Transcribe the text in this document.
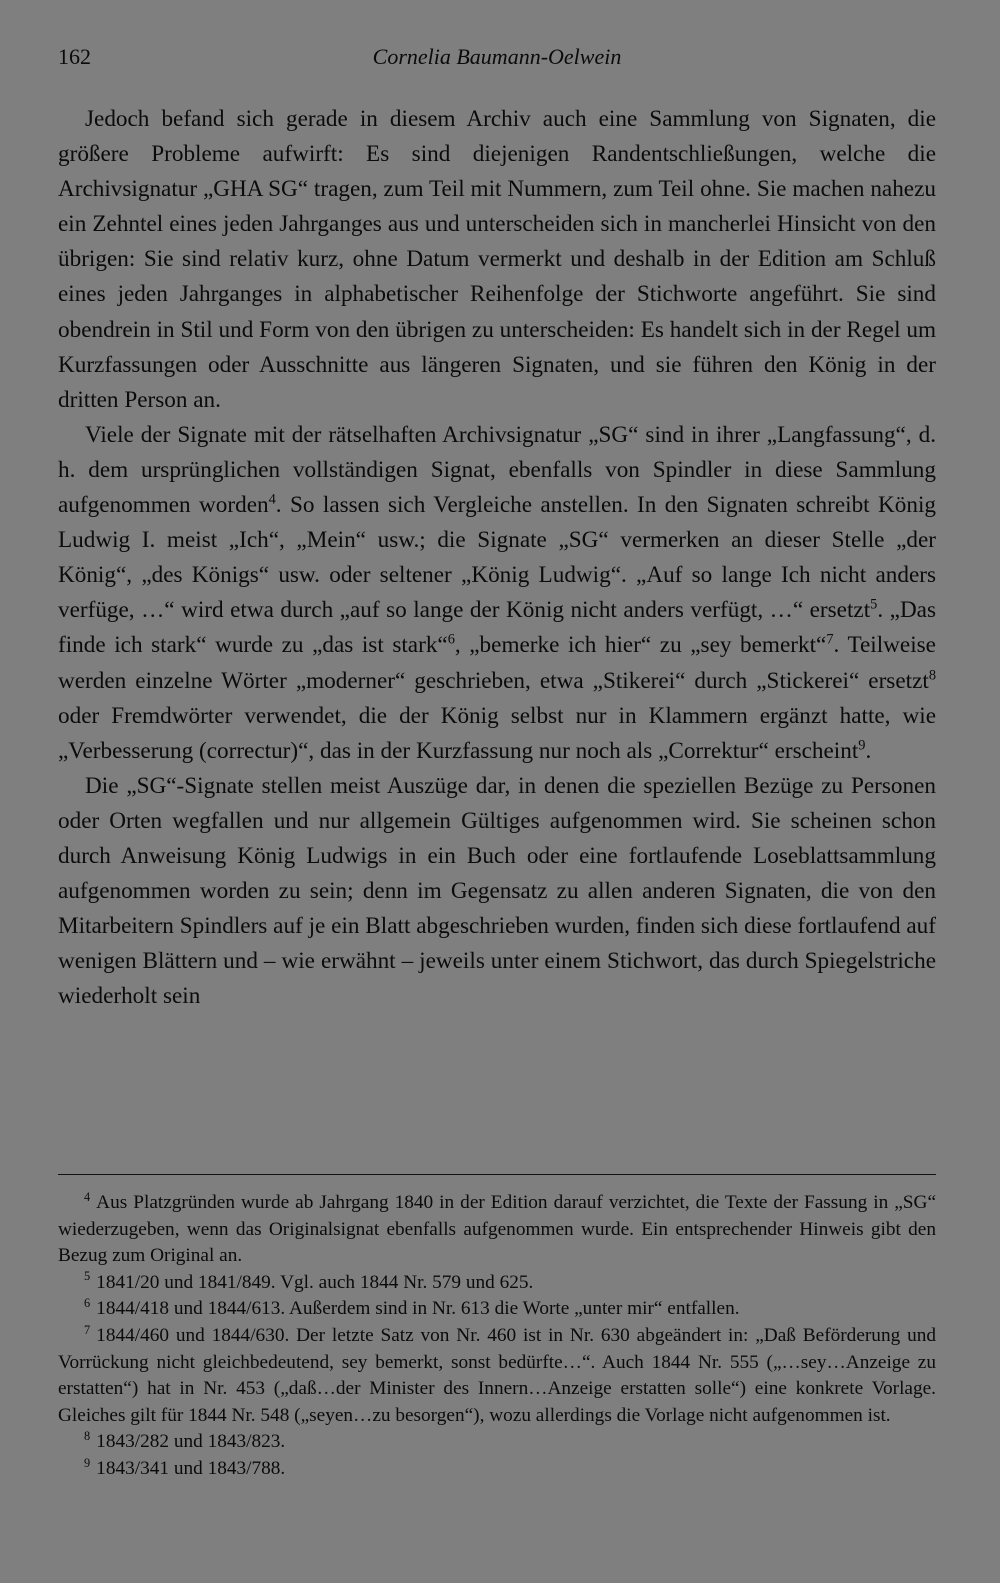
162	Cornelia Baumann-Oelwein

Jedoch befand sich gerade in diesem Archiv auch eine Sammlung von Signaten, die größere Probleme aufwirft: Es sind diejenigen Randentschließungen, welche die Archivsignatur „GHA SG“ tragen, zum Teil mit Nummern, zum Teil ohne. Sie machen nahezu ein Zehntel eines jeden Jahrganges aus und unterscheiden sich in mancherlei Hinsicht von den übrigen: Sie sind relativ kurz, ohne Datum vermerkt und deshalb in der Edition am Schluß eines jeden Jahrganges in alphabetischer Reihenfolge der Stichworte angeführt. Sie sind obendrein in Stil und Form von den übrigen zu unterscheiden: Es handelt sich in der Regel um Kurzfassungen oder Ausschnitte aus längeren Signaten, und sie führen den König in der dritten Person an.

Viele der Signate mit der rätselhaften Archivsignatur „SG“ sind in ihrer „Langfassung“, d. h. dem ursprünglichen vollständigen Signat, ebenfalls von Spindler in diese Sammlung aufgenommen worden$^4$. So lassen sich Vergleiche anstellen. In den Signaten schreibt König Ludwig I. meist „Ich“, „Mein“ usw.; die Signate „SG“ vermerken an dieser Stelle „der König“, „des Königs“ usw. oder seltener „König Ludwig“. „Auf so lange Ich nicht anders verfüge, …“ wird etwa durch „auf so lange der König nicht anders verfügt, …“ ersetzt$^5$. „Das finde ich stark“ wurde zu „das ist stark“$^6$, „bemerke ich hier“ zu „sey bemerkt“$^7$. Teilweise werden einzelne Wörter „moderner“ geschrieben, etwa „Stikerei“ durch „Stickerei“ ersetzt$^8$ oder Fremdwörter verwendet, die der König selbst nur in Klammern ergänzt hatte, wie „Verbesserung (correctur)“, das in der Kurzfassung nur noch als „Correktur“ erscheint$^9$.

Die „SG“-Signate stellen meist Auszüge dar, in denen die speziellen Bezüge zu Personen oder Orten wegfallen und nur allgemein Gültiges aufgenommen wird. Sie scheinen schon durch Anweisung König Ludwigs in ein Buch oder eine fortlaufende Loseblattsammlung aufgenommen worden zu sein; denn im Gegensatz zu allen anderen Signaten, die von den Mitarbeitern Spindlers auf je ein Blatt abgeschrieben wurden, finden sich diese fortlaufend auf wenigen Blättern und – wie erwähnt – jeweils unter einem Stichwort, das durch Spiegelstriche wiederholt sein

$^4$ Aus Platzgründen wurde ab Jahrgang 1840 in der Edition darauf verzichtet, die Texte der Fassung in „SG“ wiederzugeben, wenn das Originalsignat ebenfalls aufgenommen wurde. Ein entsprechender Hinweis gibt den Bezug zum Original an.

$^5$ 1841/20 und 1841/849. Vgl. auch 1844 Nr. 579 und 625.

$^6$ 1844/418 und 1844/613. Außerdem sind in Nr. 613 die Worte „unter mir“ entfallen.

$^7$ 1844/460 und 1844/630. Der letzte Satz von Nr. 460 ist in Nr. 630 abgeändert in: „Daß Beförderung und Vorrückung nicht gleichbedeutend, sey bemerkt, sonst bedürfte…“. Auch 1844 Nr. 555 („…sey…Anzeige zu erstatten“) hat in Nr. 453 („daß…der Minister des Innern…Anzeige erstatten solle“) eine konkrete Vorlage. Gleiches gilt für 1844 Nr. 548 („seyen…zu besorgen“), wozu allerdings die Vorlage nicht aufgenommen ist.

$^8$ 1843/282 und 1843/823.

$^9$ 1843/341 und 1843/788.
